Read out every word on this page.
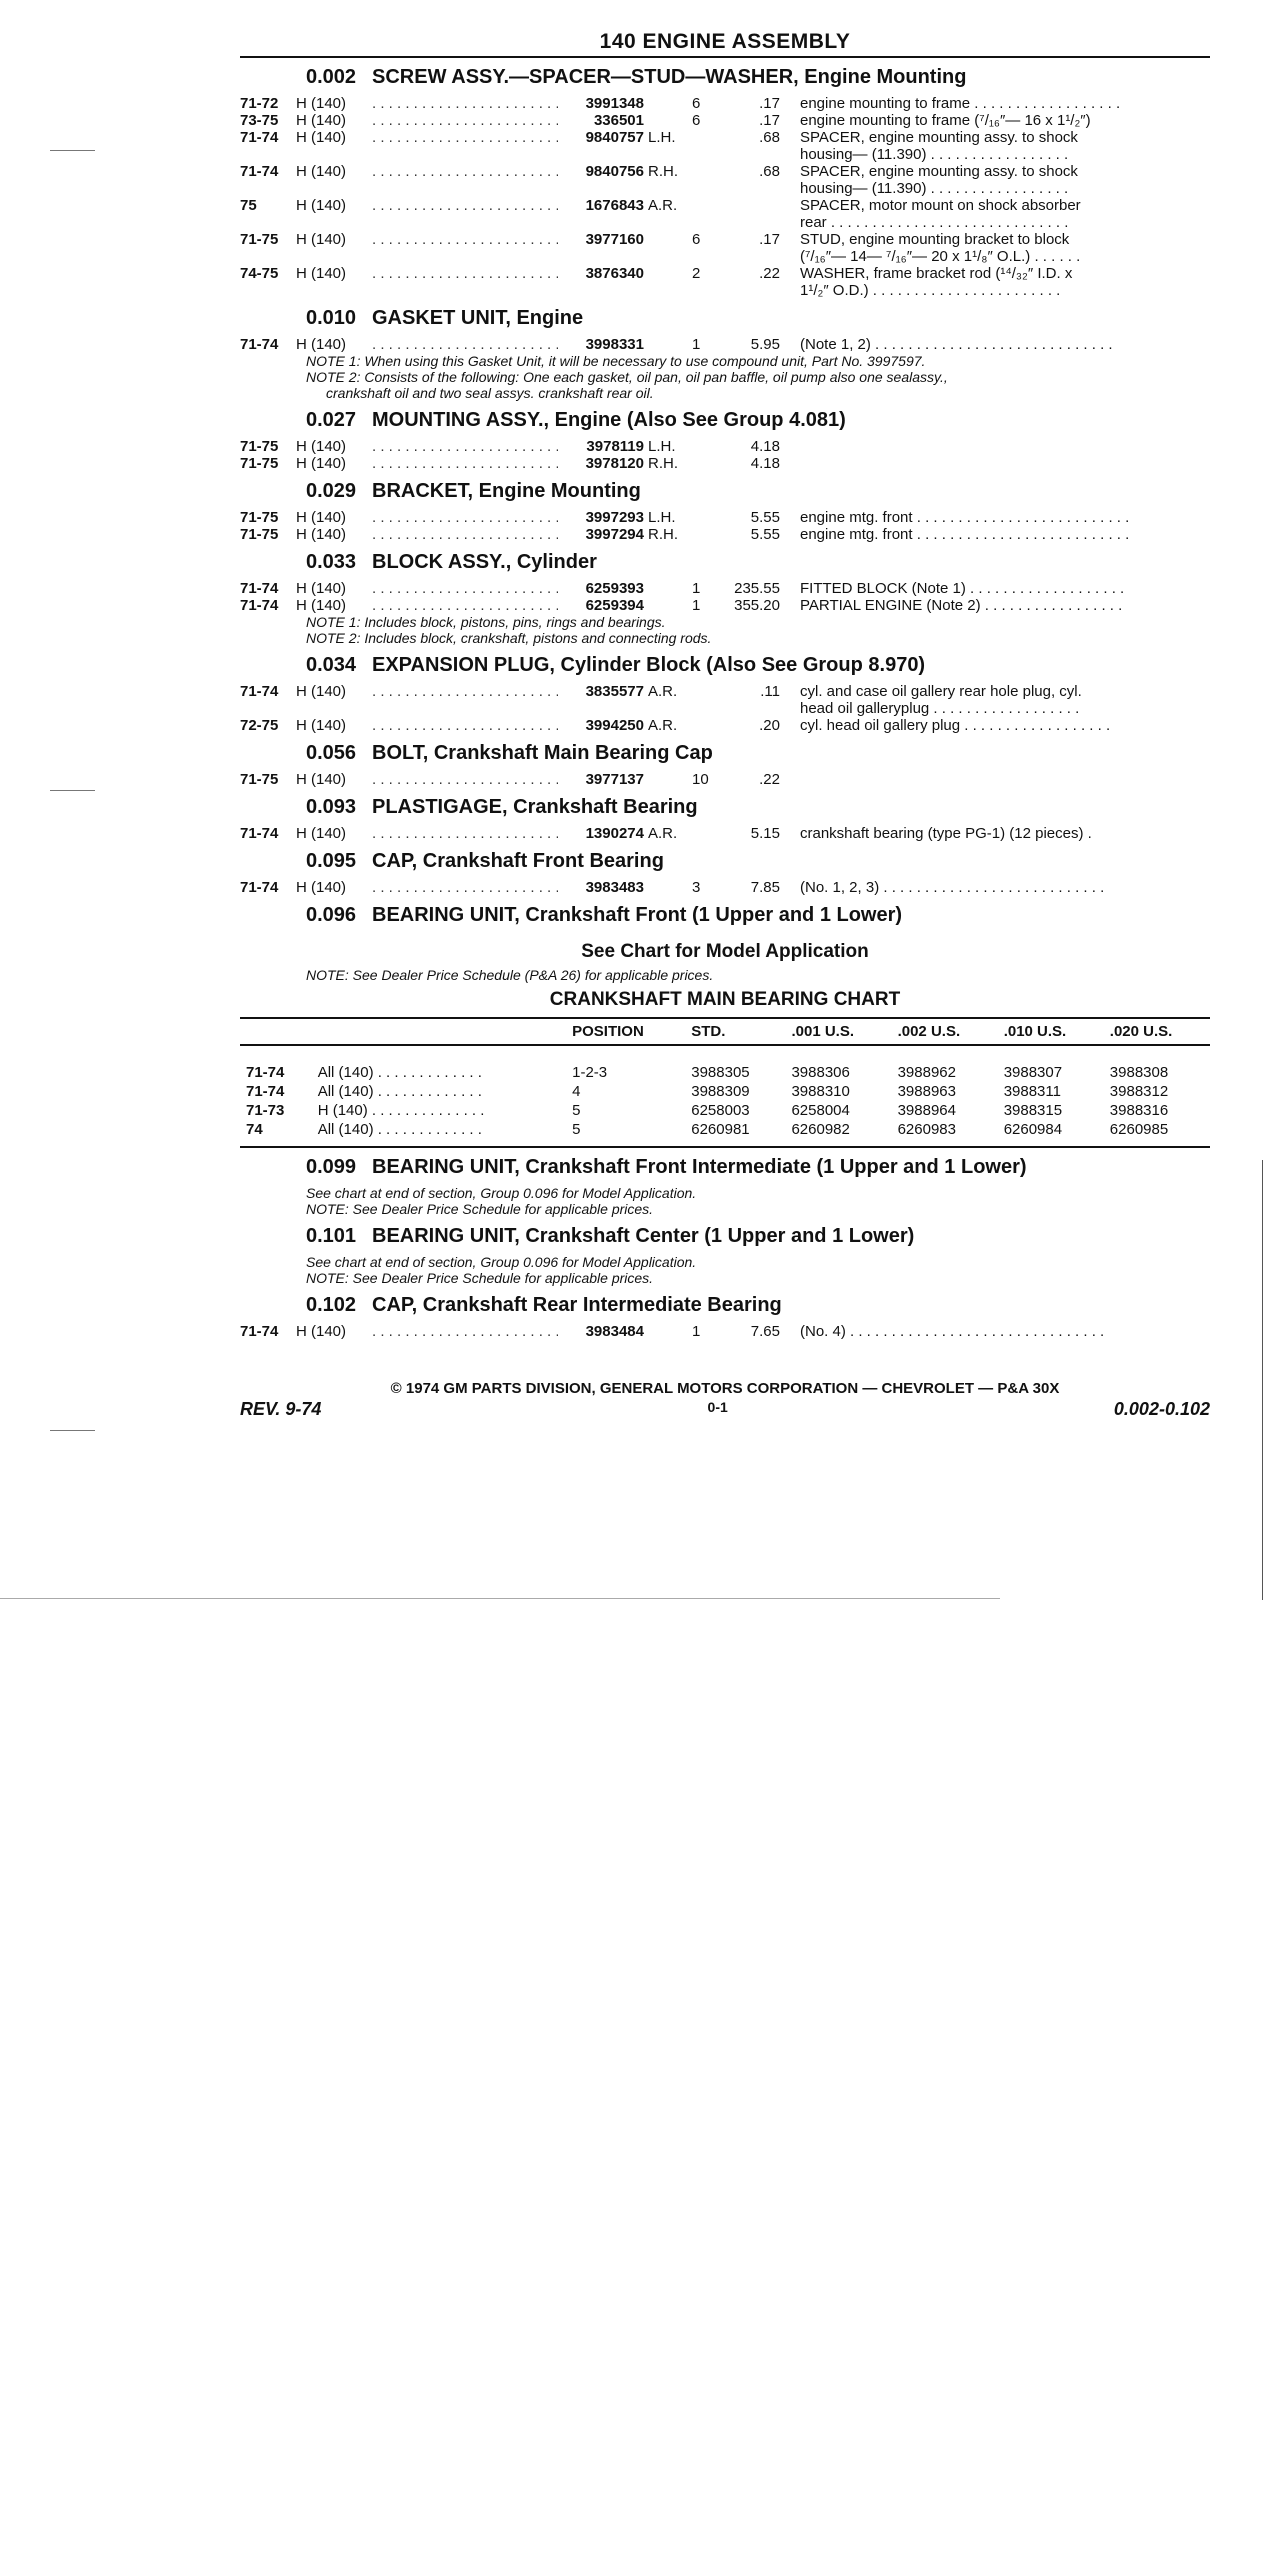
140 ENGINE ASSEMBLY
0.002 SCREW ASSY.—SPACER—STUD—WASHER, Engine Mounting
71-72	H (140) . . .	3991348	6	.17	engine mounting to frame . . . . . . . . . . . . . . . . . .
73-75	H (140) . . .	336501	6	.17	engine mounting to frame (⁷/₁₆″— 16 x 1¹/₂″)
71-74	H (140) . . .	9840757 L.H.	.68	SPACER, engine mounting assy. to shock
housing— (11.390) . . . . . . . . . . . . . . . . .
71-74	H (140) . . .	9840756 R.H.	.68	SPACER, engine mounting assy. to shock
housing— (11.390) . . . . . . . . . . . . . . . . .
75	H (140) . . .	1676843 A.R.	SPACER, motor mount on shock absorber
rear . . . . . . . . . . . . . . . . . . . . . . . . . . . . .
71-75	H (140) . . .	3977160	6	.17	STUD, engine mounting bracket to block
(⁷/₁₆″— 14— ⁷/₁₆″— 20 x 1¹/₈″ O.L.) . . . . . .
74-75	H (140) . . .	3876340	2	.22	WASHER, frame bracket rod (¹⁴/₃₂″ I.D. x
1¹/₂″ O.D.) . . . . . . . . . . . . . . . . . . . . . . .
0.010 GASKET UNIT, Engine
71-74	H (140) . . .	3998331	1	5.95	(Note 1, 2) . . . . . . . . . . . . . . . . . . . . . . . . . . . . .
NOTE 1: When using this Gasket Unit, it will be necessary to use compound unit, Part No. 3997597.
NOTE 2: Consists of the following: One each gasket, oil pan, oil pan baffle, oil pump also one sealassy.,
crankshaft oil and two seal assys. crankshaft rear oil.
0.027 MOUNTING ASSY., Engine (Also See Group 4.081)
71-75	H (140) . . .	3978119 L.H.	4.18
71-75	H (140) . . .	3978120 R.H.	4.18
0.029 BRACKET, Engine Mounting
71-75	H (140) . . .	3997293 L.H.	5.55	engine mtg. front . . . . . . . . . . . . . . . . . . . . . . . . . .
71-75	H (140) . . .	3997294 R.H.	5.55	engine mtg. front . . . . . . . . . . . . . . . . . . . . . . . . . .
0.033 BLOCK ASSY., Cylinder
71-74	H (140) . . .	6259393	1	235.55	FITTED BLOCK (Note 1) . . . . . . . . . . . . . . . . . . .
71-74	H (140) . . .	6259394	1	355.20	PARTIAL ENGINE (Note 2) . . . . . . . . . . . . . . . . .
NOTE 1: Includes block, pistons, pins, rings and bearings.
NOTE 2: Includes block, crankshaft, pistons and connecting rods.
0.034 EXPANSION PLUG, Cylinder Block (Also See Group 8.970)
71-74	H (140) . . .	3835577 A.R.	.11	cyl. and case oil gallery rear hole plug, cyl.
head oil galleryplug . . . . . . . . . . . . . . . . . .
72-75	H (140) . . .	3994250 A.R.	.20	cyl. head oil gallery plug . . . . . . . . . . . . . . . . . .
0.056 BOLT, Crankshaft Main Bearing Cap
71-75	H (140) . . .	3977137	10	.22
0.093 PLASTIGAGE, Crankshaft Bearing
71-74	H (140) . . .	1390274 A.R.	5.15	crankshaft bearing (type PG-1) (12 pieces) .
0.095 CAP, Crankshaft Front Bearing
71-74	H (140) . . .	3983483	3	7.85	(No. 1, 2, 3) . . . . . . . . . . . . . . . . . . . . . . . . . . .
0.096 BEARING UNIT, Crankshaft Front (1 Upper and 1 Lower)
See Chart for Model Application
NOTE: See Dealer Price Schedule (P&A 26) for applicable prices.
CRANKSHAFT MAIN BEARING CHART
		POSITION	STD.	.001 U.S.	.002 U.S.	.010 U.S.	.020 U.S.
71-74	All (140) . . . . . . . . . . . . .	1-2-3	3988305	3988306	3988962	3988307	3988308
71-74	All (140) . . . . . . . . . . . . .	4	3988309	3988310	3988963	3988311	3988312
71-73	H (140) . . . . . . . . . . . . . .	5	6258003	6258004	3988964	3988315	3988316
74	All (140) . . . . . . . . . . . . .	5	6260981	6260982	6260983	6260984	6260985
0.099 BEARING UNIT, Crankshaft Front Intermediate (1 Upper and 1 Lower)
See chart at end of section, Group 0.096 for Model Application.
NOTE: See Dealer Price Schedule for applicable prices.
0.101 BEARING UNIT, Crankshaft Center (1 Upper and 1 Lower)
See chart at end of section, Group 0.096 for Model Application.
NOTE: See Dealer Price Schedule for applicable prices.
0.102 CAP, Crankshaft Rear Intermediate Bearing
71-74	H (140) . . .	3983484	1	7.65	(No. 4) . . . . . . . . . . . . . . . . . . . . . . . . . . . . . . .
© 1974 GM PARTS DIVISION, GENERAL MOTORS CORPORATION — CHEVROLET — P&A 30X
REV. 9-74	0-1	0.002-0.102
